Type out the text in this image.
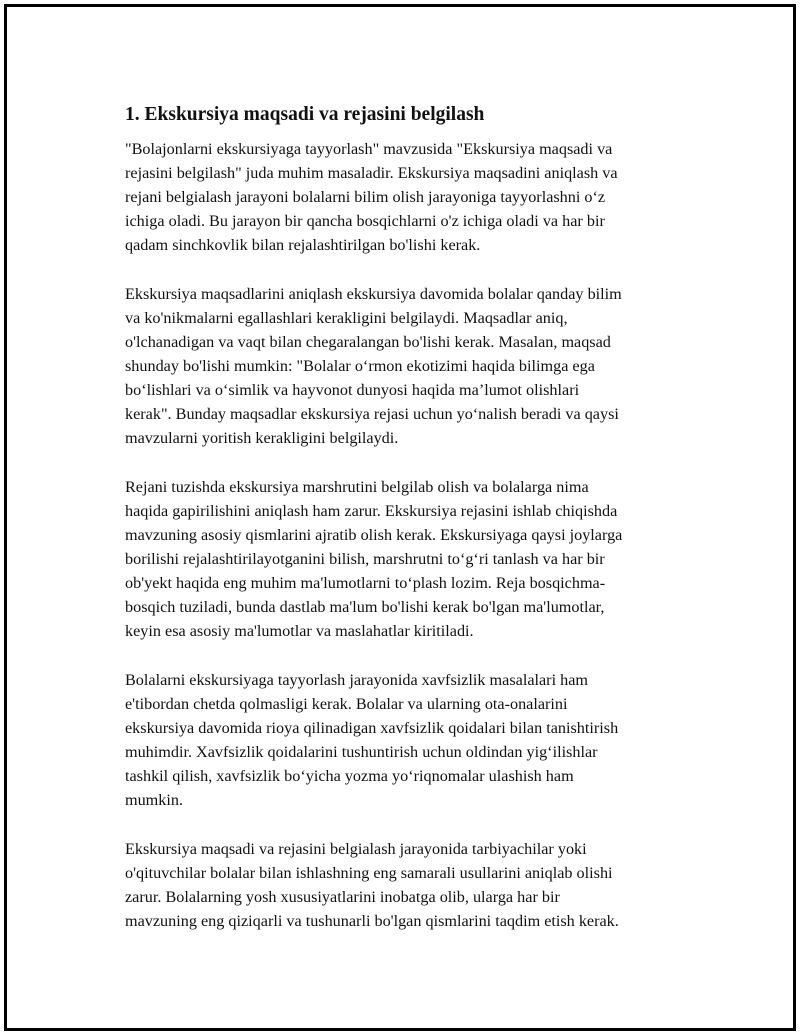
1. Ekskursiya maqsadi va rejasini belgilash

"Bolajonlarni ekskursiyaga tayyorlash" mavzusida "Ekskursiya maqsadi va
rejasini belgilash" juda muhim masaladir. Ekskursiya maqsadini aniqlash va
rejani belgialash jarayoni bolalarni bilim olish jarayoniga tayyorlashni o‘z
ichiga oladi. Bu jarayon bir qancha bosqichlarni o'z ichiga oladi va har bir
qadam sinchkovlik bilan rejalashtirilgan bo'lishi kerak.

Ekskursiya maqsadlarini aniqlash ekskursiya davomida bolalar qanday bilim
va ko'nikmalarni egallashlari kerakligini belgilaydi. Maqsadlar aniq,
o'lchanadigan va vaqt bilan chegaralangan bo'lishi kerak. Masalan, maqsad
shunday bo'lishi mumkin: "Bolalar o‘rmon ekotizimi haqida bilimga ega
bo‘lishlari va o‘simlik va hayvonot dunyosi haqida ma’lumot olishlari
kerak". Bunday maqsadlar ekskursiya rejasi uchun yo‘nalish beradi va qaysi
mavzularni yoritish kerakligini belgilaydi.

Rejani tuzishda ekskursiya marshrutini belgilab olish va bolalarga nima
haqida gapirilishini aniqlash ham zarur. Ekskursiya rejasini ishlab chiqishda
mavzuning asosiy qismlarini ajratib olish kerak. Ekskursiyaga qaysi joylarga
borilishi rejalashtirilayotganini bilish, marshrutni to‘g‘ri tanlash va har bir
ob'yekt haqida eng muhim ma'lumotlarni to‘plash lozim. Reja bosqichma-
bosqich tuziladi, bunda dastlab ma'lum bo'lishi kerak bo'lgan ma'lumotlar,
keyin esa asosiy ma'lumotlar va maslahatlar kiritiladi.

Bolalarni ekskursiyaga tayyorlash jarayonida xavfsizlik masalalari ham
e'tibordan chetda qolmasligi kerak. Bolalar va ularning ota-onalarini
ekskursiya davomida rioya qilinadigan xavfsizlik qoidalari bilan tanishtirish
muhimdir. Xavfsizlik qoidalarini tushuntirish uchun oldindan yig‘ilishlar
tashkil qilish, xavfsizlik bo‘yicha yozma yo‘riqnomalar ulashish ham
mumkin.

Ekskursiya maqsadi va rejasini belgialash jarayonida tarbiyachilar yoki
o'qituvchilar bolalar bilan ishlashning eng samarali usullarini aniqlab olishi
zarur. Bolalarning yosh xususiyatlarini inobatga olib, ularga har bir
mavzuning eng qiziqarli va tushunarli bo'lgan qismlarini taqdim etish kerak.
